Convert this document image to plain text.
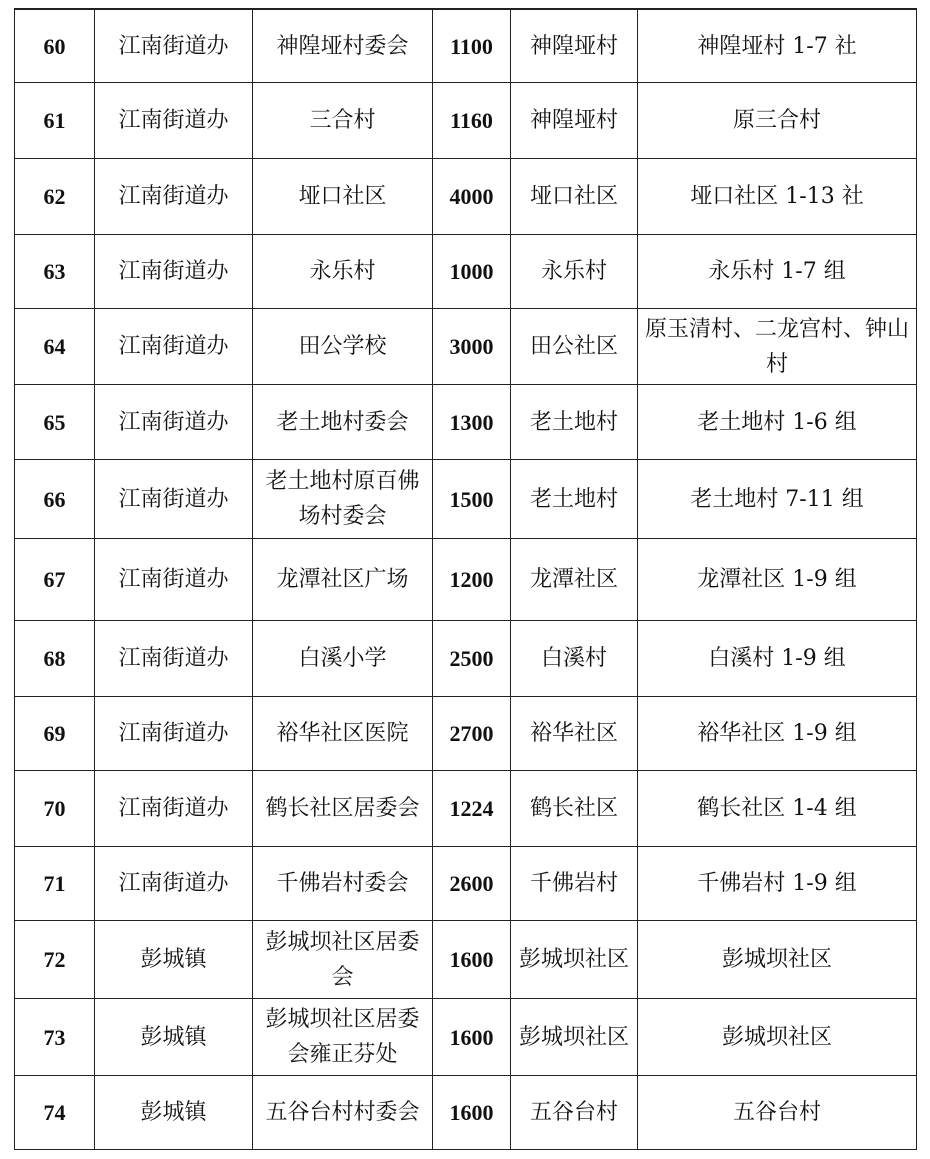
60	江南街道办	神隍垭村委会	1100	神隍垭村	神隍垭村 1-7 社
61	江南街道办	三合村	1160	神隍垭村	原三合村
62	江南街道办	垭口社区	4000	垭口社区	垭口社区 1-13 社
63	江南街道办	永乐村	1000	永乐村	永乐村 1-7 组
64	江南街道办	田公学校	3000	田公社区	原玉清村、二龙宫村、钟山村
65	江南街道办	老土地村委会	1300	老土地村	老土地村 1-6 组
66	江南街道办	老土地村原百佛场村委会	1500	老土地村	老土地村 7-11 组
67	江南街道办	龙潭社区广场	1200	龙潭社区	龙潭社区 1-9 组
68	江南街道办	白溪小学	2500	白溪村	白溪村 1-9 组
69	江南街道办	裕华社区医院	2700	裕华社区	裕华社区 1-9 组
70	江南街道办	鹤长社区居委会	1224	鹤长社区	鹤长社区 1-4 组
71	江南街道办	千佛岩村委会	2600	千佛岩村	千佛岩村 1-9 组
72	彭城镇	彭城坝社区居委会	1600	彭城坝社区	彭城坝社区
73	彭城镇	彭城坝社区居委会雍正芬处	1600	彭城坝社区	彭城坝社区
74	彭城镇	五谷台村村委会	1600	五谷台村	五谷台村
